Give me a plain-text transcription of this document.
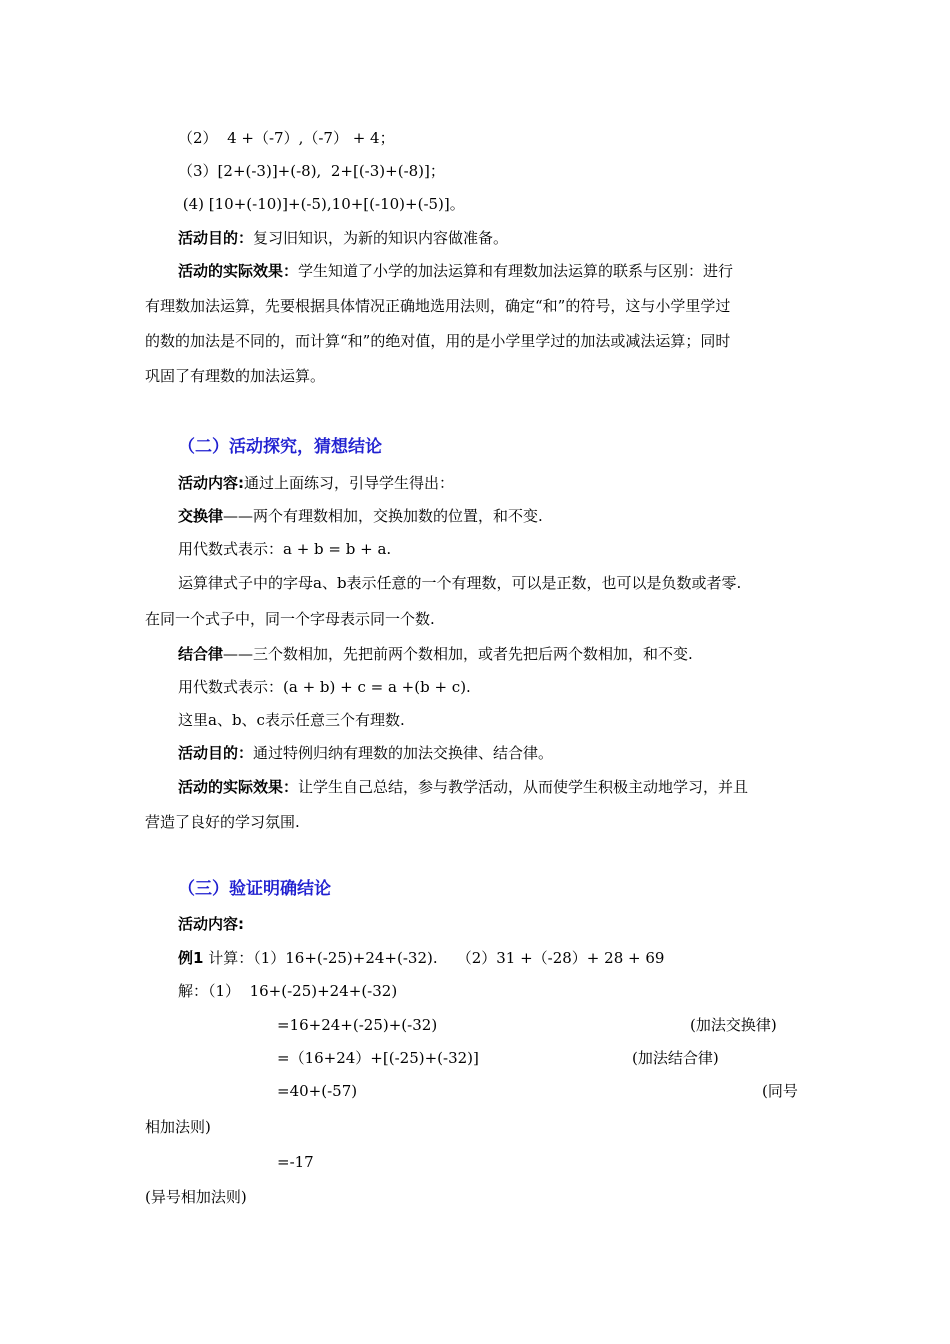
（2）  4 +（-7）,（-7） + 4；
（3）[2+(-3)]+(-8),  2+[(-3)+(-8)]；
(4) [10+(-10)]+(-5),10+[(-10)+(-5)]。
活动目的：复习旧知识，为新的知识内容做准备。
活动的实际效果：学生知道了小学的加法运算和有理数加法运算的联系与区别：进行
有理数加法运算，先要根据具体情况正确地选用法则，确定“和”的符号，这与小学里学过
的数的加法是不同的，而计算“和”的绝对值，用的是小学里学过的加法或减法运算；同时
巩固了有理数的加法运算。
（二）活动探究，猜想结论
活动内容:通过上面练习，引导学生得出：
交换律——两个有理数相加，交换加数的位置，和不变.
用代数式表示：a + b = b + a.
运算律式子中的字母a、b表示任意的一个有理数，可以是正数，也可以是负数或者零.
在同一个式子中，同一个字母表示同一个数.
结合律——三个数相加，先把前两个数相加，或者先把后两个数相加，和不变.
用代数式表示：(a + b) + c = a +(b + c).
这里a、b、c表示任意三个有理数.
活动目的：通过特例归纳有理数的加法交换律、结合律。
活动的实际效果：让学生自己总结，参与教学活动，从而使学生积极主动地学习，并且
营造了良好的学习氛围.
（三）验证明确结论
活动内容:
例1 计算：（1）16+(-25)+24+(-32).    （2）31 +（-28）+ 28 + 69
解：（1）  16+(-25)+24+(-32)
=16+24+(-25)+(-32)	(加法交换律)
=（16+24）+[(-25)+(-32)]	(加法结合律)
=40+(-57)	(同号
相加法则)
=-17
(异号相加法则)
